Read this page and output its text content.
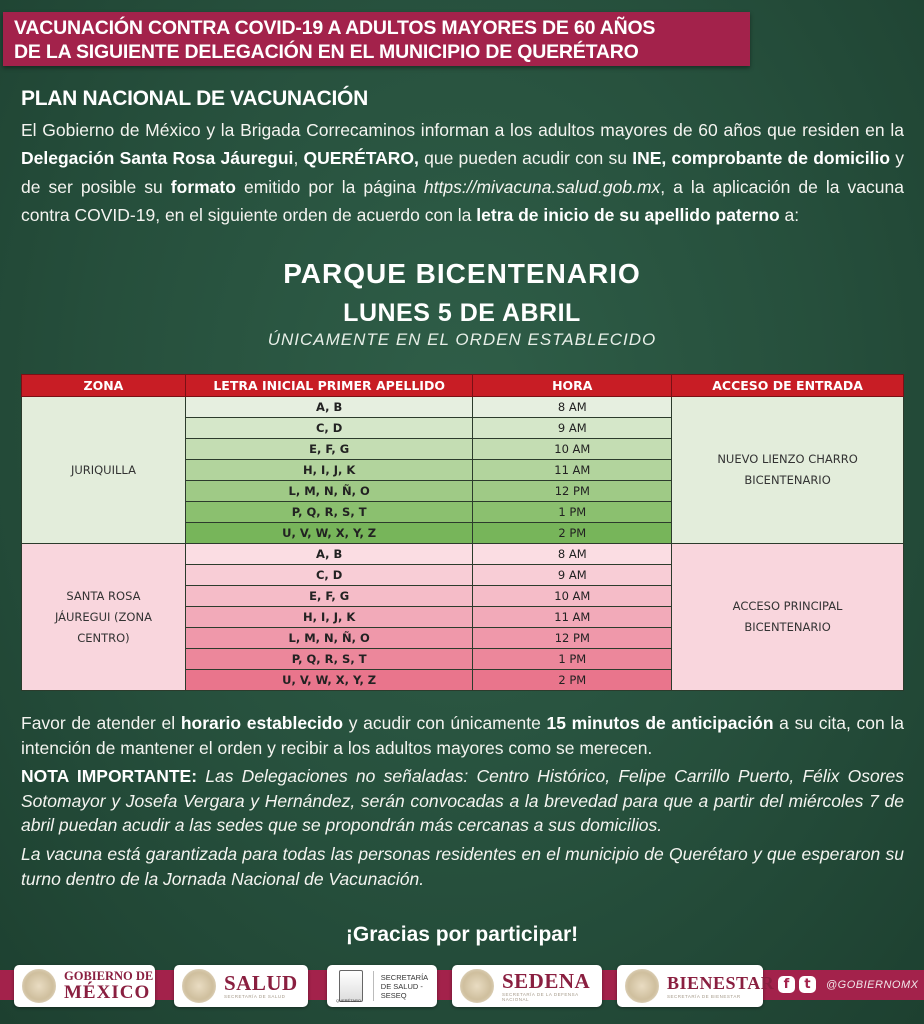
VACUNACIÓN CONTRA COVID-19 A ADULTOS MAYORES DE 60 AÑOS
DE LA SIGUIENTE DELEGACIÓN EN EL MUNICIPIO DE QUERÉTARO
PLAN NACIONAL DE VACUNACIÓN
El Gobierno de México y la Brigada Correcaminos informan a los adultos mayores de 60 años que residen en la Delegación Santa Rosa Jáuregui, QUERÉTARO, que pueden acudir con su INE, comprobante de domicilio y de ser posible su formato emitido por la página https://mivacuna.salud.gob.mx, a la aplicación de la vacuna contra COVID-19, en el siguiente orden de acuerdo con la letra de inicio de su apellido paterno a:
PARQUE BICENTENARIO
LUNES 5 DE ABRIL
ÚNICAMENTE EN EL ORDEN ESTABLECIDO
ZONA	LETRA INICIAL PRIMER APELLIDO	HORA	ACCESO DE ENTRADA
JURIQUILLA	A, B	8 AM	NUEVO LIENZO CHARRO BICENTENARIO
	C, D	9 AM	
	E, F, G	10 AM	
	H, I, J, K	11 AM	
	L, M, N, Ñ, O	12 PM	
	P, Q, R, S, T	1 PM	
	U, V, W, X, Y, Z	2 PM	
SANTA ROSA JÁUREGUI (ZONA CENTRO)	A, B	8 AM	ACCESO PRINCIPAL BICENTENARIO
	C, D	9 AM	
	E, F, G	10 AM	
	H, I, J, K	11 AM	
	L, M, N, Ñ, O	12 PM	
	P, Q, R, S, T	1 PM	
	U, V, W, X, Y, Z	2 PM	
Favor de atender el horario establecido y acudir con únicamente 15 minutos de anticipación a su cita, con la intención de mantener el orden y recibir a los adultos mayores como se merecen.
NOTA IMPORTANTE: Las Delegaciones no señaladas: Centro Histórico, Felipe Carrillo Puerto, Félix Osores Sotomayor y Josefa Vergara y Hernández, serán convocadas a la brevedad para que a partir del miércoles 7 de abril puedan acudir a las sedes que se propondrán más cercanas a sus domicilios.
La vacuna está garantizada para todas las personas residentes en el municipio de Querétaro y que esperaron su turno dentro de la Jornada Nacional de Vacunación.
¡Gracias por participar!
GOBIERNO DE
MÉXICO	SALUD
SECRETARÍA DE SALUD
QUERÉTARO
SECRETARÍA
DE SALUD - SESEQ
SEDENA
SECRETARÍA DE LA DEFENSA NACIONAL
BIENESTAR
SECRETARÍA DE BIENESTAR
f	t	@GOBIERNOMX
